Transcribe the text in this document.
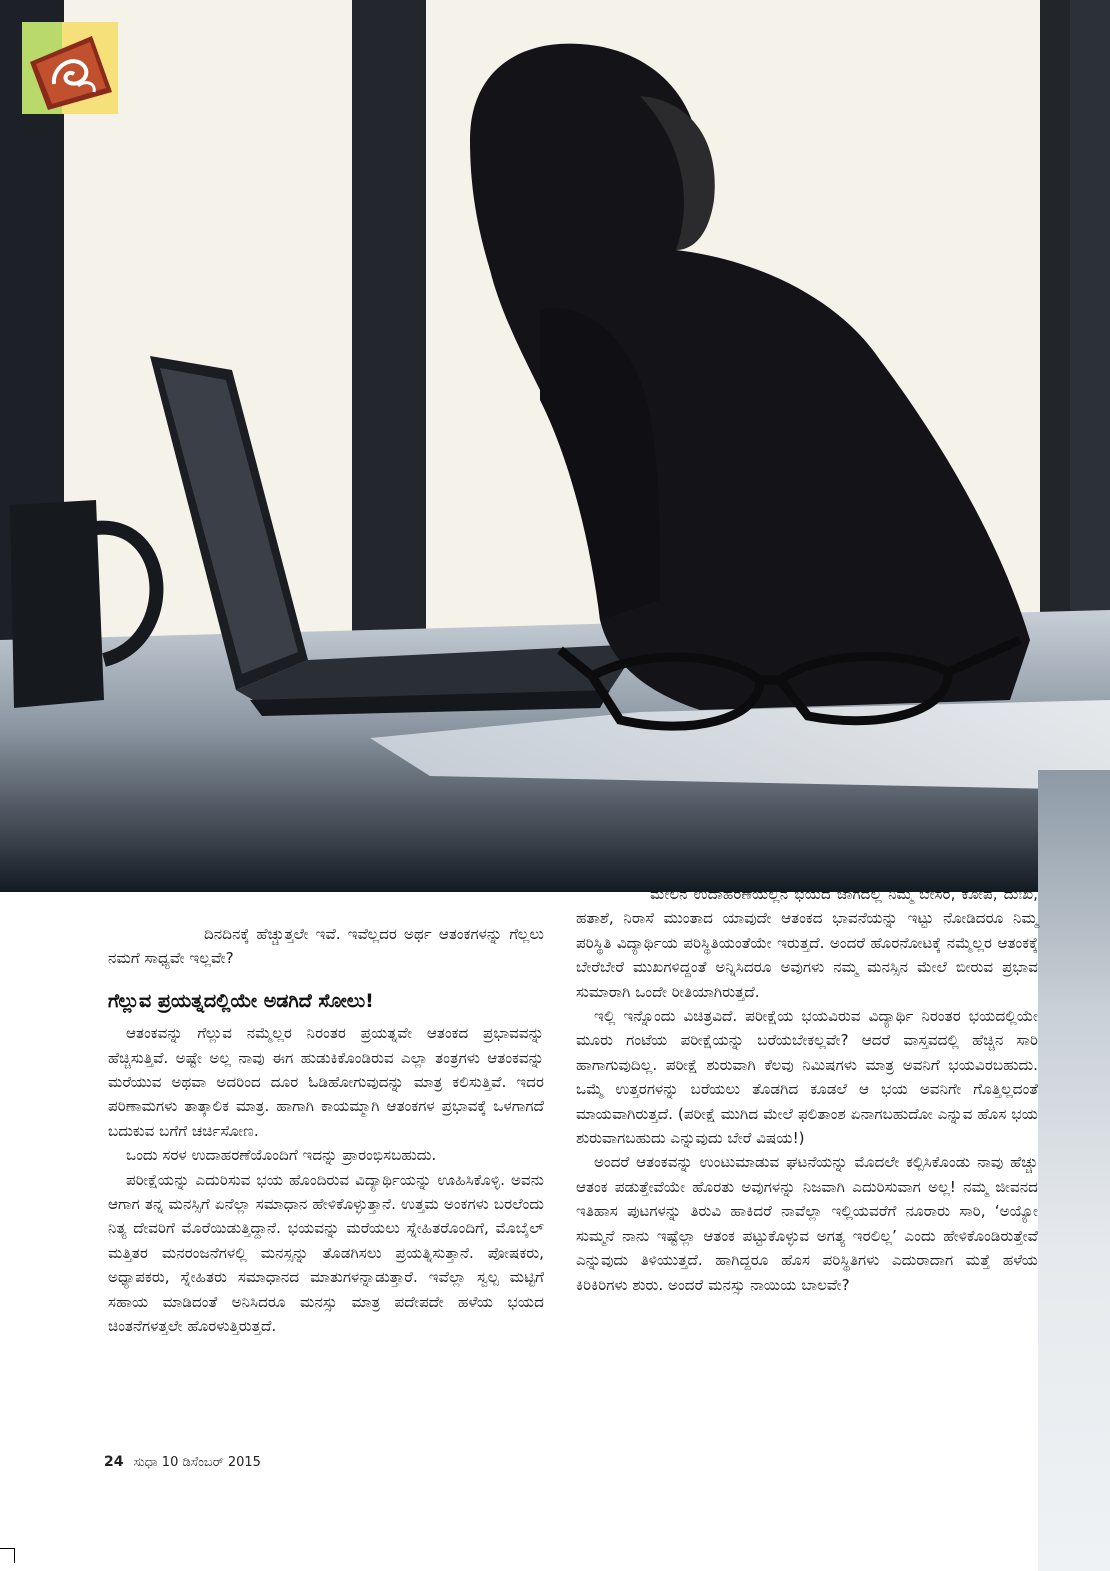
ದಿನದಿನಕ್ಕೆ ಹೆಚ್ಚುತ್ತಲೇ ಇವೆ. ಇವೆಲ್ಲದರ ಅರ್ಥ ಆತಂಕಗಳನ್ನು ಗೆಲ್ಲಲು ನಮಗೆ ಸಾಧ್ಯವೇ ಇಲ್ಲವೇ?

ಗೆಲ್ಲುವ ಪ್ರಯತ್ನದಲ್ಲಿಯೇ ಅಡಗಿದೆ ಸೋಲು!

ಆತಂಕವನ್ನು ಗೆಲ್ಲುವ ನಮ್ಮೆಲ್ಲರ ನಿರಂತರ ಪ್ರಯತ್ನವೇ ಆತಂಕದ ಪ್ರಭಾವವನ್ನು ಹೆಚ್ಚಿಸುತ್ತಿವೆ. ಅಷ್ಟೇ ಅಲ್ಲ ನಾವು ಈಗ ಹುಡುಕಿಕೊಂಡಿರುವ ಎಲ್ಲಾ ತಂತ್ರಗಳು ಆತಂಕವನ್ನು ಮರೆಯುವ ಅಥವಾ ಅದರಿಂದ ದೂರ ಓಡಿಹೋಗುವುದನ್ನು ಮಾತ್ರ ಕಲಿಸುತ್ತಿವೆ. ಇದರ ಪರಿಣಾಮಗಳು ತಾತ್ಕಾಲಿಕ ಮಾತ್ರ. ಹಾಗಾಗಿ ಕಾಯಮ್ಮಾಗಿ ಆತಂಕಗಳ ಪ್ರಭಾವಕ್ಕೆ ಒಳಗಾಗದೆ ಬದುಕುವ ಬಗೆಗೆ ಚರ್ಚಿಸೋಣ.

ಒಂದು ಸರಳ ಉದಾಹರಣೆಯೊಂದಿಗೆ ಇದನ್ನು ಪ್ರಾರಂಭಿಸಬಹುದು.

ಪರೀಕ್ಷೆಯನ್ನು ಎದುರಿಸುವ ಭಯ ಹೊಂದಿರುವ ವಿದ್ಯಾರ್ಥಿಯನ್ನು ಊಹಿಸಿಕೊಳ್ಳಿ. ಅವನು ಆಗಾಗ ತನ್ನ ಮನಸ್ಸಿಗೆ ಏನೆಲ್ಲಾ ಸಮಾಧಾನ ಹೇಳಿಕೊಳ್ಳುತ್ತಾನೆ. ಉತ್ತಮ ಅಂಕಗಳು ಬರಲೆಂದು ನಿತ್ಯ ದೇವರಿಗೆ ಮೊರೆಯಿಡುತ್ತಿದ್ದಾನೆ. ಭಯವನ್ನು ಮರೆಯಲು ಸ್ನೇಹಿತರೊಂದಿಗೆ, ಮೊಬೈಲ್ ಮತ್ತಿತರ ಮನರಂಜನೆಗಳಲ್ಲಿ ಮನಸ್ಸನ್ನು ತೊಡಗಿಸಲು ಪ್ರಯತ್ನಿಸುತ್ತಾನೆ. ಪೋಷಕರು, ಅಧ್ಯಾಪಕರು, ಸ್ನೇಹಿತರು ಸಮಾಧಾನದ ಮಾತುಗಳನ್ನಾಡುತ್ತಾರೆ. ಇವೆಲ್ಲಾ ಸ್ವಲ್ಪ ಮಟ್ಟಿಗೆ ಸಹಾಯ ಮಾಡಿದಂತೆ ಅನಿಸಿದರೂ ಮನಸ್ಸು ಮಾತ್ರ ಪದೇಪದೇ ಹಳೆಯ ಭಯದ ಚಿಂತನೆಗಳತ್ತಲೇ ಹೊರಳುತ್ತಿರುತ್ತದೆ.

ಮೇಲಿನ ಉದಾಹರಣೆಯಲ್ಲಿನ ಭಯದ ಜಾಗದಲ್ಲಿ ನಿಮ್ಮ ಬೇಸರ, ಕೋಪ, ದುಃಖ, ಹತಾಶೆ, ನಿರಾಸೆ ಮುಂತಾದ ಯಾವುದೇ ಆತಂಕದ ಭಾವನೆಯನ್ನು ಇಟ್ಟು ನೋಡಿದರೂ ನಿಮ್ಮ ಪರಿಸ್ಥಿತಿ ವಿದ್ಯಾರ್ಥಿಯ ಪರಿಸ್ಥಿತಿಯಂತೆಯೇ ಇರುತ್ತದೆ. ಅಂದರೆ ಹೊರನೋಟಕ್ಕೆ ನಮ್ಮೆಲ್ಲರ ಆತಂಕಕ್ಕೆ ಬೇರೆಬೇರೆ ಮುಖಗಳಿದ್ದಂತೆ ಅನ್ನಿಸಿದರೂ ಅವುಗಳು ನಮ್ಮ ಮನಸ್ಸಿನ ಮೇಲೆ ಬೀರುವ ಪ್ರಭಾವ ಸುಮಾರಾಗಿ ಒಂದೇ ರೀತಿಯಾಗಿರುತ್ತದೆ.

ಇಲ್ಲಿ ಇನ್ನೊಂದು ವಿಚಿತ್ರವಿದೆ. ಪರೀಕ್ಷೆಯ ಭಯವಿರುವ ವಿದ್ಯಾರ್ಥಿ ನಿರಂತರ ಭಯದಲ್ಲಿಯೇ ಮೂರು ಗಂಟೆಯ ಪರೀಕ್ಷೆಯನ್ನು ಬರೆಯಬೇಕಲ್ಲವೇ? ಆದರೆ ವಾಸ್ತವದಲ್ಲಿ ಹೆಚ್ಚಿನ ಸಾರಿ ಹಾಗಾಗುವುದಿಲ್ಲ. ಪರೀಕ್ಷೆ ಶುರುವಾಗಿ ಕೆಲವು ನಿಮಿಷಗಳು ಮಾತ್ರ ಅವನಿಗೆ ಭಯವಿರಬಹುದು. ಒಮ್ಮೆ ಉತ್ತರಗಳನ್ನು ಬರೆಯಲು ತೊಡಗಿದ ಕೂಡಲೆ ಆ ಭಯ ಅವನಿಗೇ ಗೊತ್ತಿಲ್ಲದಂತೆ ಮಾಯವಾಗಿರುತ್ತದೆ. (ಪರೀಕ್ಷೆ ಮುಗಿದ ಮೇಲೆ ಫಲಿತಾಂಶ ಏನಾಗಬಹುದೋ ಎನ್ನುವ ಹೊಸ ಭಯ ಶುರುವಾಗಬಹುದು ಎನ್ನುವುದು ಬೇರೆ ವಿಷಯ!)

ಅಂದರೆ ಆತಂಕವನ್ನು ಉಂಟುಮಾಡುವ ಘಟನೆಯನ್ನು ಮೊದಲೇ ಕಲ್ಪಿಸಿಕೊಂಡು ನಾವು ಹೆಚ್ಚು ಆತಂಕ ಪಡುತ್ತೇವೆಯೇ ಹೊರತು ಅವುಗಳನ್ನು ನಿಜವಾಗಿ ಎದುರಿಸುವಾಗ ಅಲ್ಲ! ನಮ್ಮ ಜೀವನದ ಇತಿಹಾಸ ಪುಟಗಳನ್ನು ತಿರುವಿ ಹಾಕಿದರೆ ನಾವೆಲ್ಲಾ ಇಲ್ಲಿಯವರೆಗೆ ನೂರಾರು ಸಾರಿ, ‘ಅಯ್ಯೋ ಸುಮ್ಮನೆ ನಾನು ಇಷ್ಟೆಲ್ಲಾ ಆತಂಕ ಪಟ್ಟುಕೊಳ್ಳುವ ಅಗತ್ಯ ಇರಲಿಲ್ಲ’ ಎಂದು ಹೇಳಿಕೊಂಡಿರುತ್ತೇವೆ ಎನ್ನುವುದು ತಿಳಿಯುತ್ತದೆ. ಹಾಗಿದ್ದರೂ ಹೊಸ ಪರಿಸ್ಥಿತಿಗಳು ಎದುರಾದಾಗ ಮತ್ತೆ ಹಳೆಯ ಕಿರಿಕಿರಿಗಳು ಶುರು. ಅಂದರೆ ಮನಸ್ಸು ನಾಯಿಯ ಬಾಲವೇ?

24 ಸುಧಾ 10 ಡಿಸೆಂಬರ್ 2015
